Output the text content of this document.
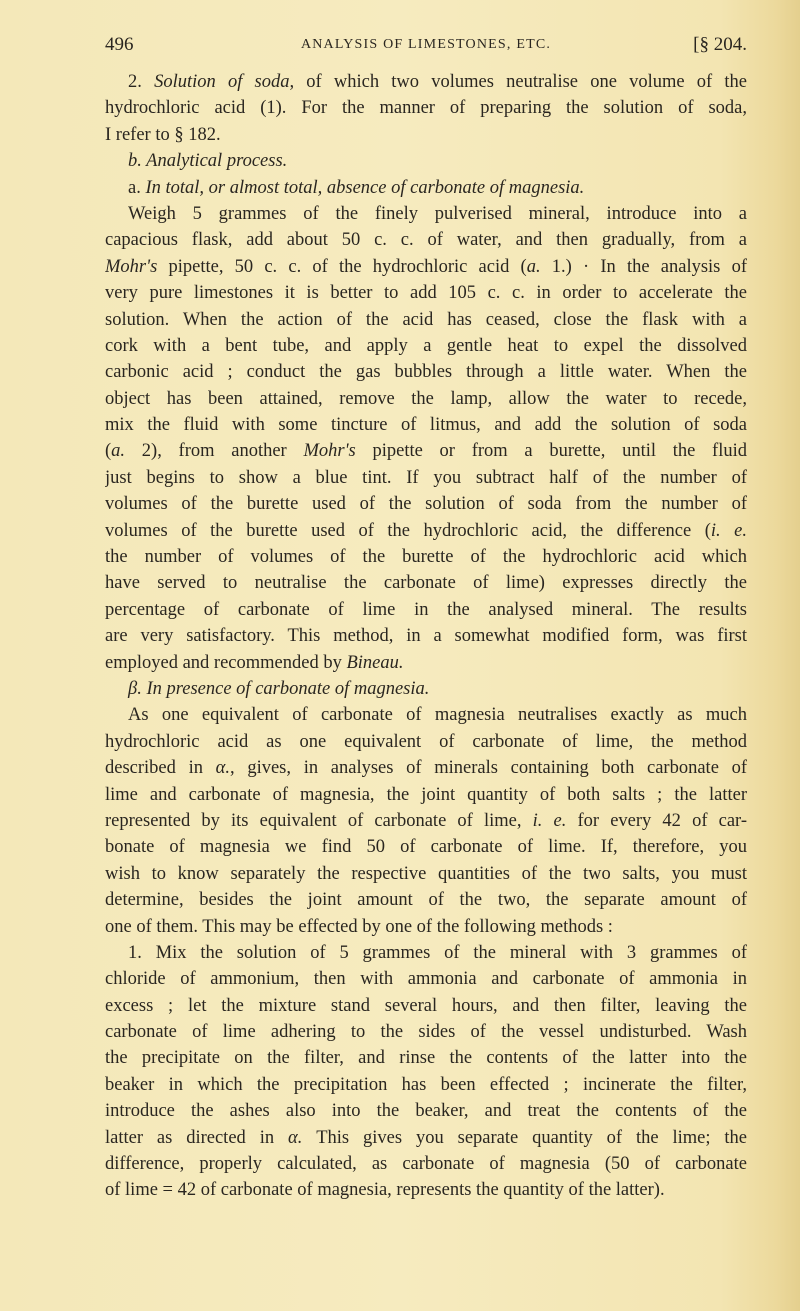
496	ANALYSIS OF LIMESTONES, ETC.	[§ 204.
2. Solution of soda, of which two volumes neutralise one volume of the
hydrochloric acid (1). For the manner of preparing the solution of soda,
I refer to § 182.
b. Analytical process.
a. In total, or almost total, absence of carbonate of magnesia.
Weigh 5 grammes of the finely pulverised mineral, introduce into a
capacious flask, add about 50 c. c. of water, and then gradually, from a
Mohr's pipette, 50 c. c. of the hydrochloric acid (a. 1.) · In the analysis of
very pure limestones it is better to add 105 c. c. in order to accelerate the
solution. When the action of the acid has ceased, close the flask with a
cork with a bent tube, and apply a gentle heat to expel the dissolved
carbonic acid ; conduct the gas bubbles through a little water. When the
object has been attained, remove the lamp, allow the water to recede,
mix the fluid with some tincture of litmus, and add the solution of soda
(a. 2), from another Mohr's pipette or from a burette, until the fluid
just begins to show a blue tint. If you subtract half of the number of
volumes of the burette used of the solution of soda from the number of
volumes of the burette used of the hydrochloric acid, the difference (i. e.
the number of volumes of the burette of the hydrochloric acid which
have served to neutralise the carbonate of lime) expresses directly the
percentage of carbonate of lime in the analysed mineral. The results
are very satisfactory. This method, in a somewhat modified form, was first
employed and recommended by Bineau.
β. In presence of carbonate of magnesia.
As one equivalent of carbonate of magnesia neutralises exactly as much
hydrochloric acid as one equivalent of carbonate of lime, the method
described in α., gives, in analyses of minerals containing both carbonate of
lime and carbonate of magnesia, the joint quantity of both salts ; the latter
represented by its equivalent of carbonate of lime, i. e. for every 42 of car-
bonate of magnesia we find 50 of carbonate of lime. If, therefore, you
wish to know separately the respective quantities of the two salts, you must
determine, besides the joint amount of the two, the separate amount of
one of them. This may be effected by one of the following methods :
1. Mix the solution of 5 grammes of the mineral with 3 grammes of
chloride of ammonium, then with ammonia and carbonate of ammonia in
excess ; let the mixture stand several hours, and then filter, leaving the
carbonate of lime adhering to the sides of the vessel undisturbed. Wash
the precipitate on the filter, and rinse the contents of the latter into the
beaker in which the precipitation has been effected ; incinerate the filter,
introduce the ashes also into the beaker, and treat the contents of the
latter as directed in α. This gives you separate quantity of the lime; the
difference, properly calculated, as carbonate of magnesia (50 of carbonate
of lime = 42 of carbonate of magnesia, represents the quantity of the latter).
